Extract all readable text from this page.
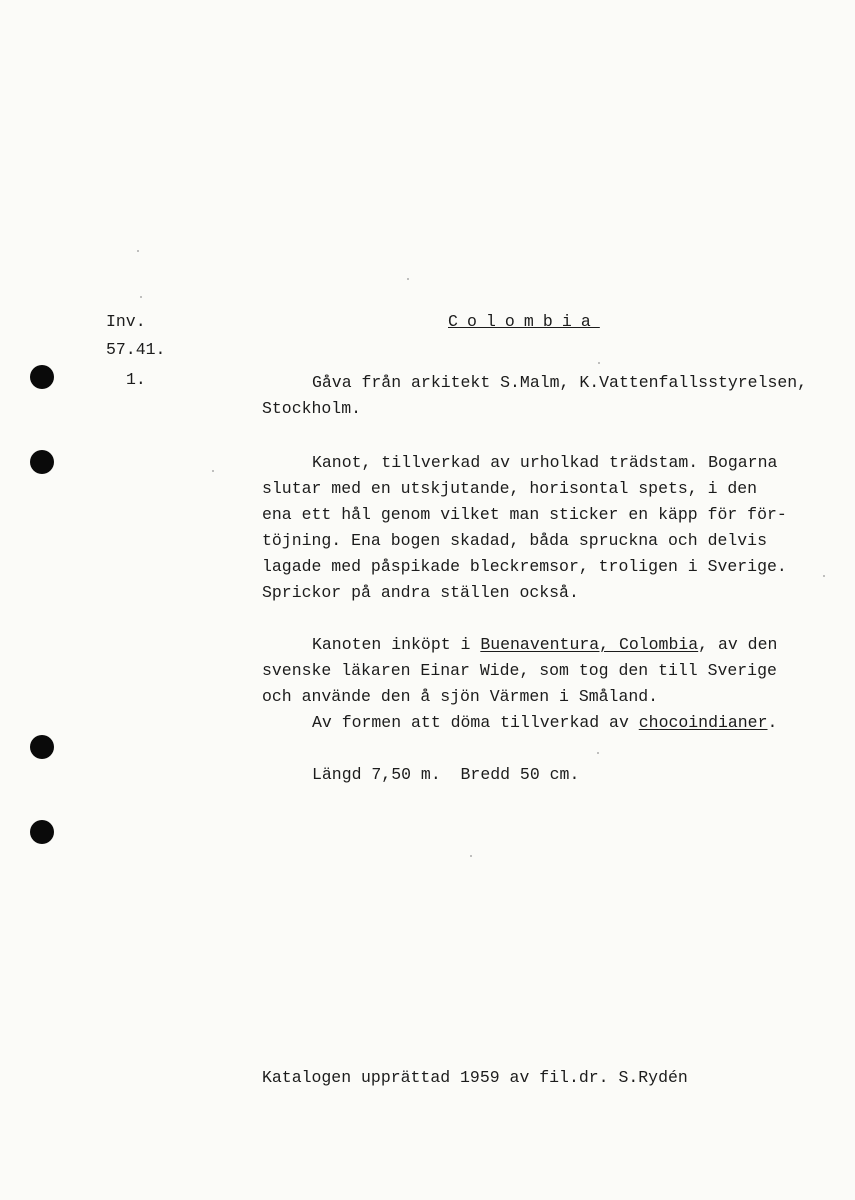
Inv.
57.41.
1.
Colombia
Gåva från arkitekt S.Malm, K.Vattenfallsstyrelsen,
Stockholm.
Kanot, tillverkad av urholkad trädstam. Bogarna
slutar med en utskjutande, horisontal spets, i den
ena ett hål genom vilket man sticker en käpp för för-
töjning. Ena bogen skadad, båda spruckna och delvis
lagade med påspikade bleckremsor, troligen i Sverige.
Sprickor på andra ställen också.
Kanoten inköpt i Buenaventura, Colombia, av den
svenske läkaren Einar Wide, som tog den till Sverige
och använde den å sjön Värmen i Småland.
Av formen att döma tillverkad av chocoindianer.
Längd 7,50 m.  Bredd 50 cm.
Katalogen upprättad 1959 av fil.dr. S.Rydén
